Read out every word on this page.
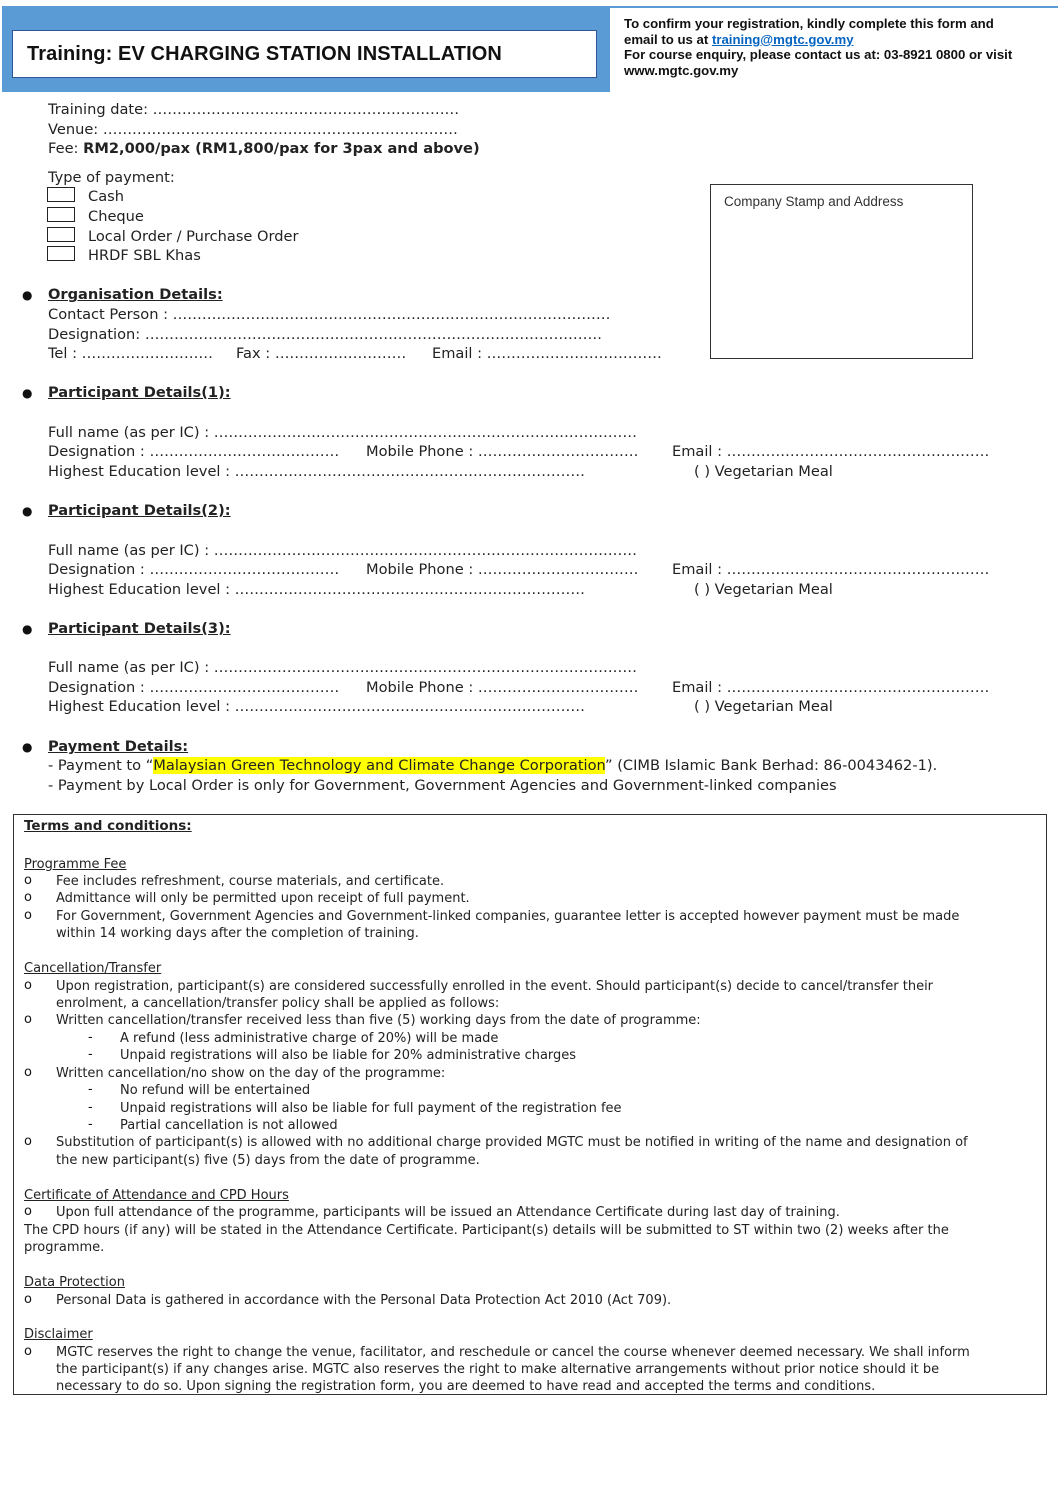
Training: EV CHARGING STATION INSTALLATION
To confirm your registration, kindly complete this form and
email to us at training@mgtc.gov.my
For course enquiry, please contact us at: 03-8921 0800 or visit
www.mgtc.gov.my
Training date: ………………………………………………………
Venue: ……………………………………………………………….
Fee: RM2,000/pax (RM1,800/pax for 3pax and above)
Type of payment:
Cash
Cheque
Local Order / Purchase Order
HRDF SBL Khas
Company Stamp and Address
● Organisation Details:
Contact Person : ………………………………………………………………………………
Designation: ………………………………………………………………………………….
Tel : ……………………… Fax : ……………………… Email : ………………………………
● Participant Details(1):
Full name (as per IC) : ……………………………………………………………………………
Designation : ………………………………… Mobile Phone : …………………………… Email : ………………………………………………
Highest Education level : ………………………………………………………………	( ) Vegetarian Meal
● Participant Details(2):
Full name (as per IC) : ……………………………………………………………………………
Designation : ………………………………… Mobile Phone : …………………………… Email : ………………………………………………
Highest Education level : ………………………………………………………………	( ) Vegetarian Meal
● Participant Details(3):
Full name (as per IC) : ……………………………………………………………………………
Designation : ………………………………… Mobile Phone : …………………………… Email : ………………………………………………
Highest Education level : ………………………………………………………………	( ) Vegetarian Meal
● Payment Details:
- Payment to “Malaysian Green Technology and Climate Change Corporation” (CIMB Islamic Bank Berhad: 86-0043462-1).
- Payment by Local Order is only for Government, Government Agencies and Government-linked companies
Terms and conditions:
Programme Fee
o Fee includes refreshment, course materials, and certificate.
o Admittance will only be permitted upon receipt of full payment.
o For Government, Government Agencies and Government-linked companies, guarantee letter is accepted however payment must be made
within 14 working days after the completion of training.
Cancellation/Transfer
o Upon registration, participant(s) are considered successfully enrolled in the event. Should participant(s) decide to cancel/transfer their
enrolment, a cancellation/transfer policy shall be applied as follows:
o Written cancellation/transfer received less than five (5) working days from the date of programme:
- A refund (less administrative charge of 20%) will be made
- Unpaid registrations will also be liable for 20% administrative charges
o Written cancellation/no show on the day of the programme:
- No refund will be entertained
- Unpaid registrations will also be liable for full payment of the registration fee
- Partial cancellation is not allowed
o Substitution of participant(s) is allowed with no additional charge provided MGTC must be notified in writing of the name and designation of
the new participant(s) five (5) days from the date of programme.
Certificate of Attendance and CPD Hours
o Upon full attendance of the programme, participants will be issued an Attendance Certificate during last day of training.
The CPD hours (if any) will be stated in the Attendance Certificate. Participant(s) details will be submitted to ST within two (2) weeks after the
programme.
Data Protection
o Personal Data is gathered in accordance with the Personal Data Protection Act 2010 (Act 709).
Disclaimer
o MGTC reserves the right to change the venue, facilitator, and reschedule or cancel the course whenever deemed necessary. We shall inform
the participant(s) if any changes arise. MGTC also reserves the right to make alternative arrangements without prior notice should it be
necessary to do so. Upon signing the registration form, you are deemed to have read and accepted the terms and conditions.
